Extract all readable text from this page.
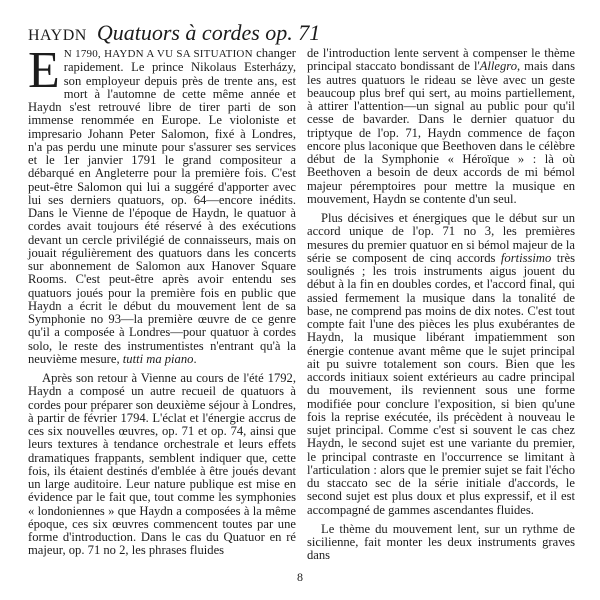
HAYDN Quatuors à cordes op. 71

E N 1790, HAYDN A VU SA SITUATION changer rapidement. Le prince Nikolaus Esterházy, son employeur depuis près de trente ans, est mort à l'automne de cette même année et Haydn s'est retrouvé libre de tirer parti de son immense renommée en Europe. Le violoniste et impresario Johann Peter Salomon, fixé à Londres, n'a pas perdu une minute pour s'assurer ses services et le 1er janvier 1791 le grand compositeur a débarqué en Angleterre pour la première fois. C'est peut-être Salomon qui lui a suggéré d'apporter avec lui ses derniers quatuors, op. 64—encore inédits. Dans le Vienne de l'époque de Haydn, le quatuor à cordes avait toujours été réservé à des exécutions devant un cercle privilégié de connaisseurs, mais on jouait régulièrement des quatuors dans les concerts sur abonnement de Salomon aux Hanover Square Rooms. C'est peut-être après avoir entendu ses quatuors joués pour la première fois en public que Haydn a écrit le début du mouvement lent de sa Symphonie no 93—la première œuvre de ce genre qu'il a composée à Londres—pour quatuor à cordes solo, le reste des instrumentistes n'entrant qu'à la neuvième mesure, tutti ma piano.

Après son retour à Vienne au cours de l'été 1792, Haydn a composé un autre recueil de quatuors à cordes pour préparer son deuxième séjour à Londres, à partir de février 1794. L'éclat et l'énergie accrus de ces six nouvelles œuvres, op. 71 et op. 74, ainsi que leurs textures à tendance orchestrale et leurs effets dramatiques frappants, semblent indiquer que, cette fois, ils étaient destinés d'emblée à être joués devant un large auditoire. Leur nature publique est mise en évidence par le fait que, tout comme les symphonies « londoniennes » que Haydn a composées à la même époque, ces six œuvres commencent toutes par une forme d'introduction. Dans le cas du Quatuor en ré majeur, op. 71 no 2, les phrases fluides

de l'introduction lente servent à compenser le thème principal staccato bondissant de l'Allegro, mais dans les autres quatuors le rideau se lève avec un geste beaucoup plus bref qui sert, au moins partiellement, à attirer l'attention—un signal au public pour qu'il cesse de bavarder. Dans le dernier quatuor du triptyque de l'op. 71, Haydn commence de façon encore plus laconique que Beethoven dans le célèbre début de la Symphonie « Héroïque » : là où Beethoven a besoin de deux accords de mi bémol majeur péremptoires pour mettre la musique en mouvement, Haydn se contente d'un seul.

Plus décisives et énergiques que le début sur un accord unique de l'op. 71 no 3, les premières mesures du premier quatuor en si bémol majeur de la série se composent de cinq accords fortissimo très soulignés ; les trois instruments aigus jouent du début à la fin en doubles cordes, et l'accord final, qui assied fermement la musique dans la tonalité de base, ne comprend pas moins de dix notes. C'est tout compte fait l'une des pièces les plus exubérantes de Haydn, la musique libérant impatiemment son énergie contenue avant même que le sujet principal ait pu suivre totalement son cours. Bien que les accords initiaux soient extérieurs au cadre principal du mouvement, ils reviennent sous une forme modifiée pour conclure l'exposition, si bien qu'une fois la reprise exécutée, ils précèdent à nouveau le sujet principal. Comme c'est si souvent le cas chez Haydn, le second sujet est une variante du premier, le principal contraste en l'occurrence se limitant à l'articulation : alors que le premier sujet se fait l'écho du staccato sec de la série initiale d'accords, le second sujet est plus doux et plus expressif, et il est accompagné de gammes ascendantes fluides.

Le thème du mouvement lent, sur un rythme de sicilienne, fait monter les deux instruments graves dans

8
